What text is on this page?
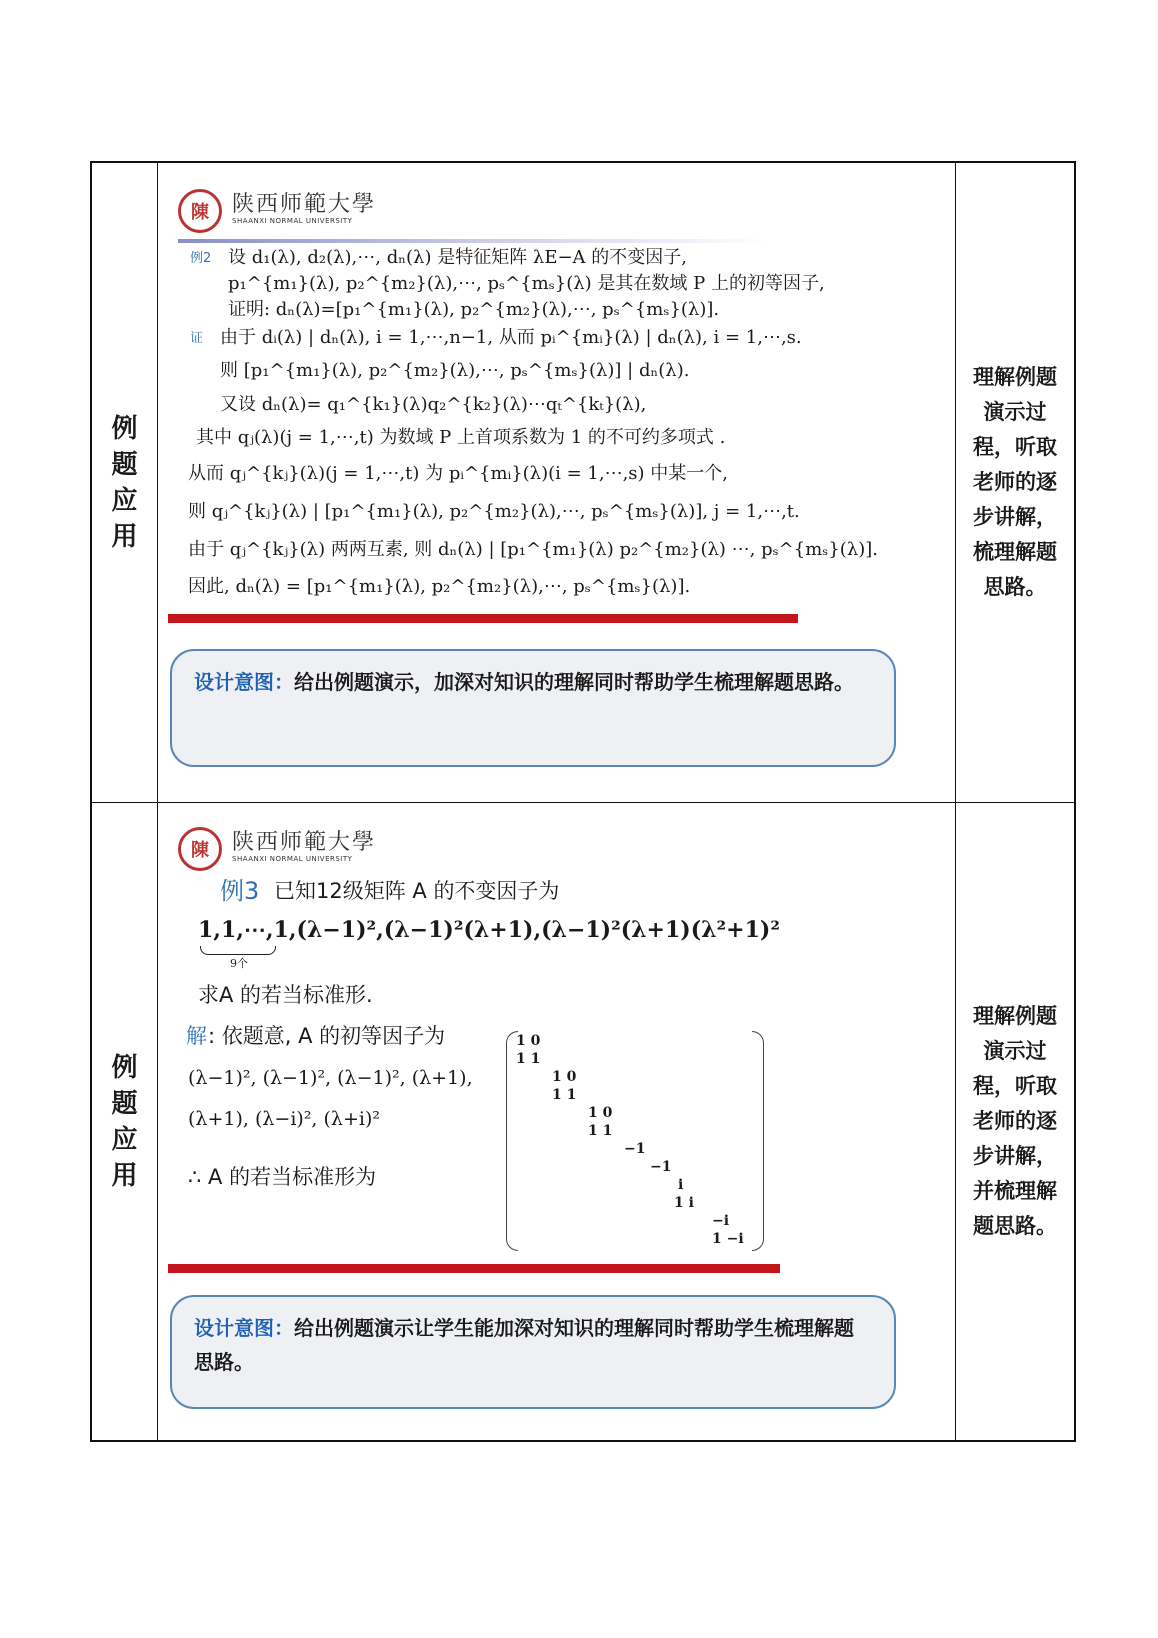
例题应用
陳	陕西师範大學
SHAANXI NORMAL UNIVERSITY
例2 设 d₁(λ), d₂(λ),⋯, dₙ(λ) 是特征矩阵 λE−A 的不变因子,
p₁^{m₁}(λ), p₂^{m₂}(λ),⋯, pₛ^{mₛ}(λ) 是其在数域 P 上的初等因子,
证明: dₙ(λ)=[p₁^{m₁}(λ), p₂^{m₂}(λ),⋯, pₛ^{mₛ}(λ)].
证 由于 dᵢ(λ) | dₙ(λ), i = 1,⋯,n−1, 从而 pᵢ^{mᵢ}(λ) | dₙ(λ), i = 1,⋯,s.
则 [p₁^{m₁}(λ), p₂^{m₂}(λ),⋯, pₛ^{mₛ}(λ)] | dₙ(λ).
又设 dₙ(λ)= q₁^{k₁}(λ)q₂^{k₂}(λ)⋯qₜ^{kₜ}(λ),
其中 qⱼ(λ)(j = 1,⋯,t) 为数域 P 上首项系数为 1 的不可约多项式 .
从而 qⱼ^{kⱼ}(λ)(j = 1,⋯,t) 为 pᵢ^{mᵢ}(λ)(i = 1,⋯,s) 中某一个,
则 qⱼ^{kⱼ}(λ) | [p₁^{m₁}(λ), p₂^{m₂}(λ),⋯, pₛ^{mₛ}(λ)], j = 1,⋯,t.
由于 qⱼ^{kⱼ}(λ) 两两互素, 则 dₙ(λ) | [p₁^{m₁}(λ) p₂^{m₂}(λ) ⋯, pₛ^{mₛ}(λ)].
因此, dₙ(λ) = [p₁^{m₁}(λ), p₂^{m₂}(λ),⋯, pₛ^{mₛ}(λ)].
设计意图：给出例题演示，加深对知识的理解同时帮助学生梳理解题思路。
理解例题演示过程，听取老师的逐步讲解，梳理解题思路。
例题应用
陳	陕西师範大學
SHAANXI NORMAL UNIVERSITY
例3 已知12级矩阵 A 的不变因子为
1,1,⋯,1,(λ−1)²,(λ−1)²(λ+1),(λ−1)²(λ+1)(λ²+1)²
9个
求A 的若当标准形.
解 : 依题意, A 的初等因子为
(λ−1)², (λ−1)², (λ−1)², (λ+1),
(λ+1), (λ−i)², (λ+i)²
∴ A 的若当标准形为
1 0
1 1
1 0
1 1
1 0
1 1
−1
−1
i
1 i
−i
1 −i
设计意图：给出例题演示让学生能加深对知识的理解同时帮助学生梳理解题思路。
理解例题演示过程，听取老师的逐步讲解，并梳理解题思路。
